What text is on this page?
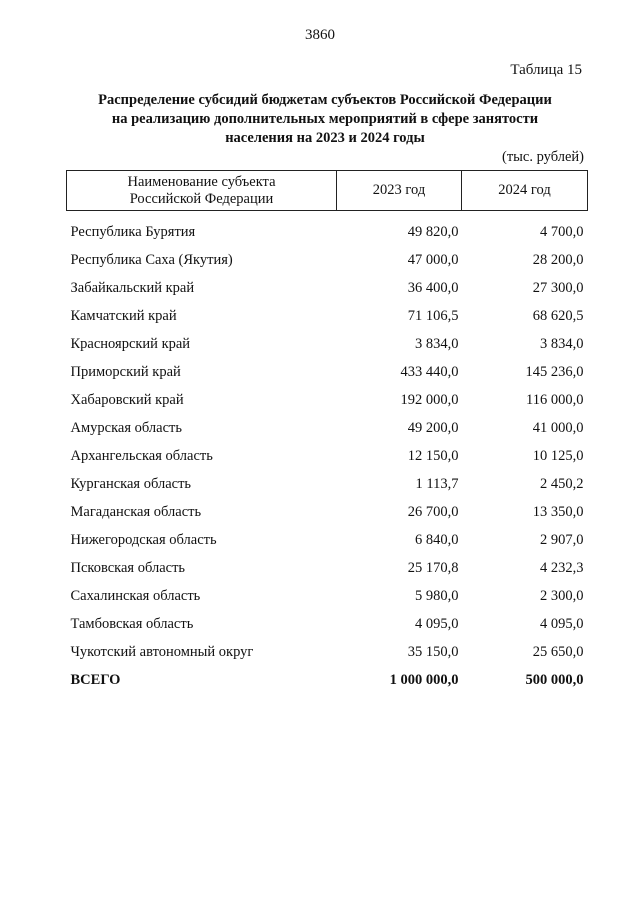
3860
Таблица 15
Распределение субсидий бюджетам субъектов Российской Федерации
на реализацию дополнительных мероприятий в сфере занятости
населения на 2023 и 2024 годы
(тыс. рублей)
Наименование субъекта
Российской Федерации	2023 год	2024 год
Республика Бурятия	49 820,0	4 700,0
Республика Саха (Якутия)	47 000,0	28 200,0
Забайкальский край	36 400,0	27 300,0
Камчатский край	71 106,5	68 620,5
Красноярский край	3 834,0	3 834,0
Приморский край	433 440,0	145 236,0
Хабаровский край	192 000,0	116 000,0
Амурская область	49 200,0	41 000,0
Архангельская область	12 150,0	10 125,0
Курганская область	1 113,7	2 450,2
Магаданская область	26 700,0	13 350,0
Нижегородская область	6 840,0	2 907,0
Псковская область	25 170,8	4 232,3
Сахалинская область	5 980,0	2 300,0
Тамбовская область	4 095,0	4 095,0
Чукотский автономный округ	35 150,0	25 650,0
ВСЕГО	1 000 000,0	500 000,0
